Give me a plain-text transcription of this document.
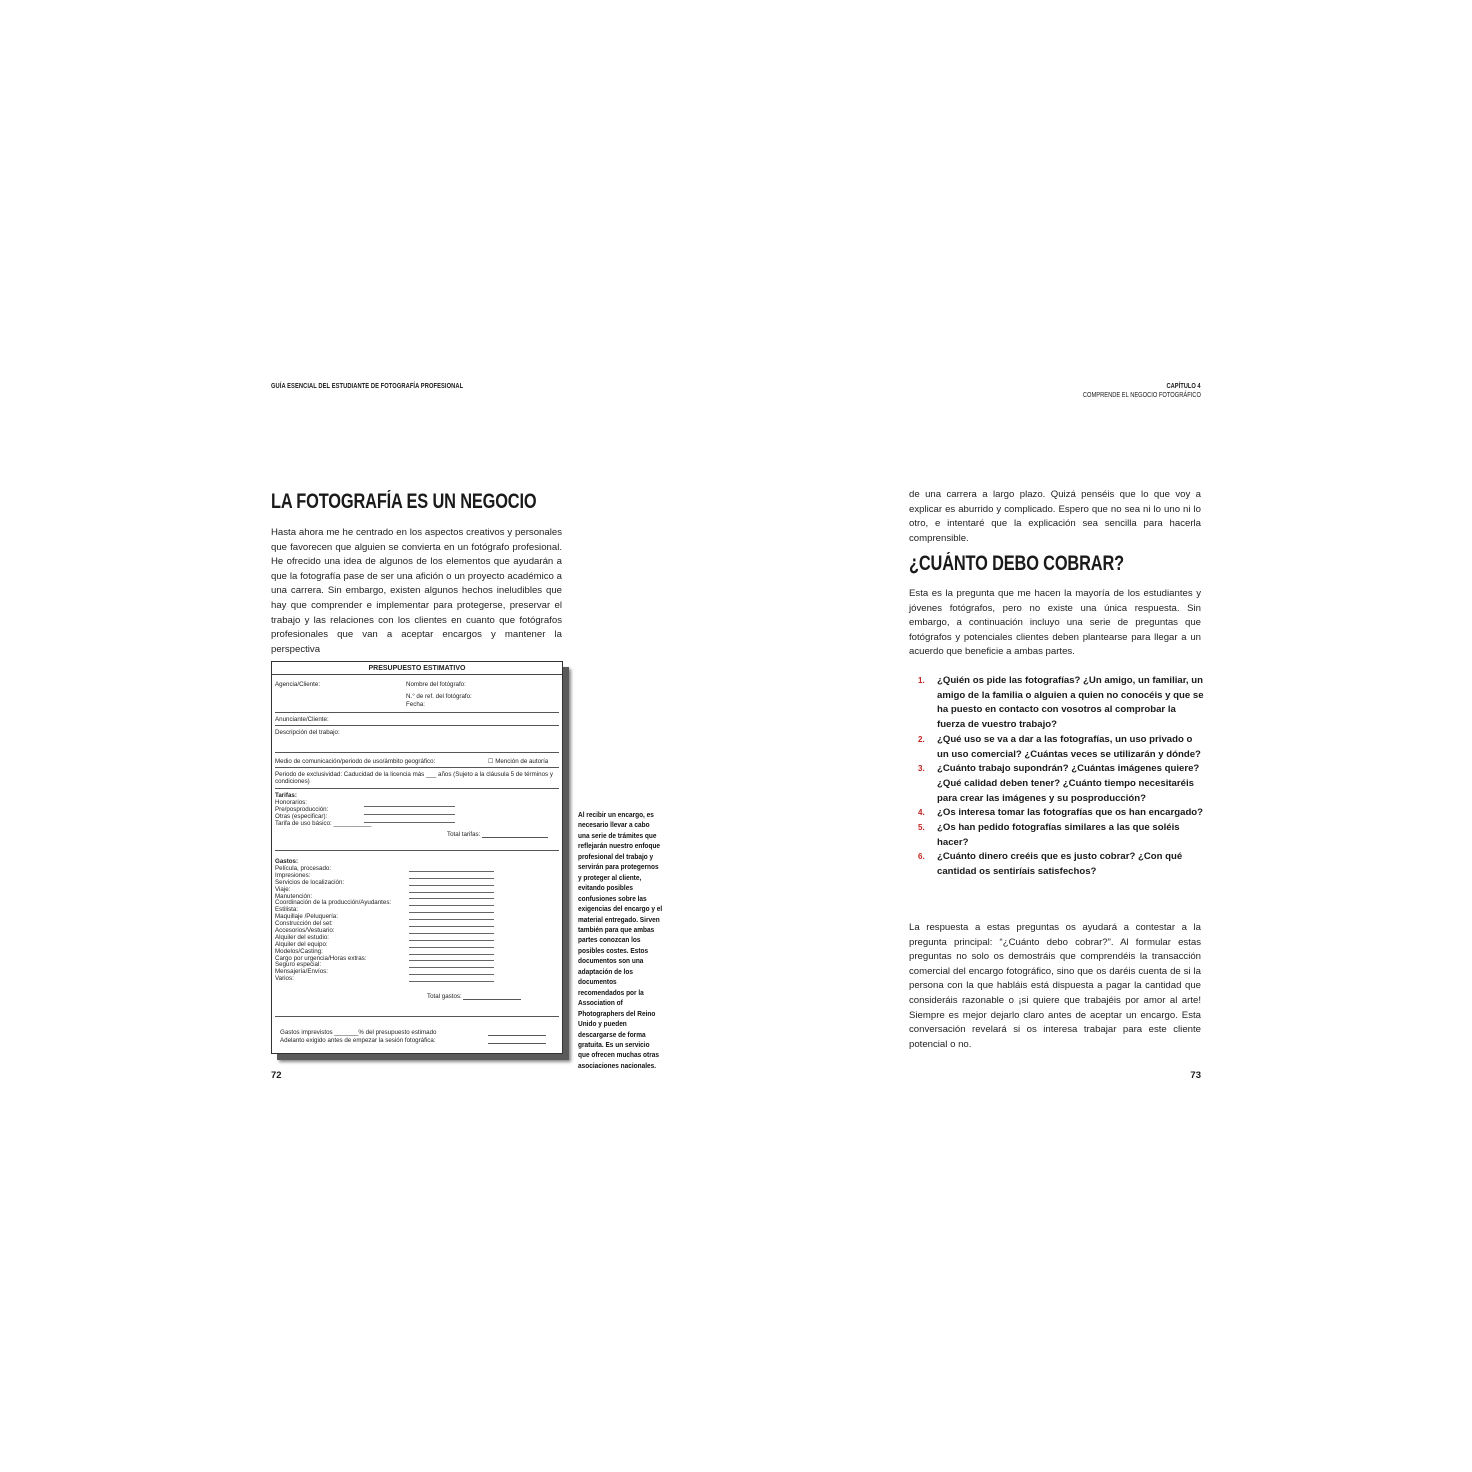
GUÍA ESENCIAL DEL ESTUDIANTE DE FOTOGRAFÍA PROFESIONAL
LA FOTOGRAFÍA ES UN NEGOCIO
Hasta ahora me he centrado en los aspectos creativos y personales que favorecen que alguien se convierta en un fotógrafo profesional. He ofrecido una idea de algunos de los elementos que ayudarán a que la fotografía pase de ser una afición o un proyecto académico a una carrera. Sin embargo, existen algunos hechos ineludibles que hay que comprender e implementar para protegerse, preservar el trabajo y las relaciones con los clientes en cuanto que fotógrafos profesionales que van a aceptar encargos y mantener la perspectiva
PRESUPUESTO ESTIMATIVO
Agencia/Cliente:	Nombre del fotógrafo:
N.° de ref. del fotógrafo:
Fecha:
Anunciante/Cliente:
Descripción del trabajo:
Medio de comunicación/periodo de uso/ámbito geográfico:	☐ Mención de autoría
Periodo de exclusividad: Caducidad de la licencia más ___ años (Sujeto a la cláusula 5 de términos y condiciones)
Tarifas:
Honorarios:
Pre/posproducción:
Otras (especificar):
Tarifa de uso básico: ___________
Total tarifas:
Gastos:
Película, procesado:
Impresiones:
Servicios de localización:
Viaje:
Manutención:
Coordinación de la producción/Ayudantes:
Estilista:
Maquillaje /Peluquería:
Construcción del set:
Accesorios/Vestuario:
Alquiler del estudio:
Alquiler del equipo:
Modelos/Casting:
Cargo por urgencia/Horas extras:
Seguro especial:
Mensajería/Envíos:
Varios:
Total gastos:
Gastos imprevistos _______% del presupuesto estimado
Adelanto exigido antes de empezar la sesión fotográfica:
Al recibir un encargo, es necesario llevar a cabo una serie de trámites que reflejarán nuestro enfoque profesional del trabajo y servirán para protegernos y proteger al cliente, evitando posibles confusiones sobre las exigencias del encargo y el material entregado. Sirven también para que ambas partes conozcan los posibles costes. Estos documentos son una adaptación de los documentos recomendados por la Association of Photographers del Reino Unido y pueden descargarse de forma gratuita. Es un servicio que ofrecen muchas otras asociaciones nacionales.
72
CAPÍTULO 4
COMPRENDE EL NEGOCIO FOTOGRÁFICO
de una carrera a largo plazo. Quizá penséis que lo que voy a explicar es aburrido y complicado. Espero que no sea ni lo uno ni lo otro, e intentaré que la explicación sea sencilla para hacerla comprensible.
¿CUÁNTO DEBO COBRAR?
Esta es la pregunta que me hacen la mayoría de los estudiantes y jóvenes fotógrafos, pero no existe una única respuesta. Sin embargo, a continuación incluyo una serie de preguntas que fotógrafos y potenciales clientes deben plantearse para llegar a un acuerdo que beneficie a ambas partes.
1.	¿Quién os pide las fotografías? ¿Un amigo, un familiar, un amigo de la familia o alguien a quien no conocéis y que se ha puesto en contacto con vosotros al comprobar la fuerza de vuestro trabajo?
2.	¿Qué uso se va a dar a las fotografías, un uso privado o un uso comercial? ¿Cuántas veces se utilizarán y dónde?
3.	¿Cuánto trabajo supondrán? ¿Cuántas imágenes quiere? ¿Qué calidad deben tener? ¿Cuánto tiempo necesitaréis para crear las imágenes y su posproducción?
4.	¿Os interesa tomar las fotografías que os han encargado?
5.	¿Os han pedido fotografías similares a las que soléis hacer?
6.	¿Cuánto dinero creéis que es justo cobrar? ¿Con qué cantidad os sentiríais satisfechos?
La respuesta a estas preguntas os ayudará a contestar a la pregunta principal: “¿Cuánto debo cobrar?”. Al formular estas preguntas no solo os demostráis que comprendéis la transacción comercial del encargo fotográfico, sino que os daréis cuenta de si la persona con la que habláis está dispuesta a pagar la cantidad que consideráis razonable o ¡si quiere que trabajéis por amor al arte! Siempre es mejor dejarlo claro antes de aceptar un encargo. Esta conversación revelará si os interesa trabajar para este cliente potencial o no.
73
